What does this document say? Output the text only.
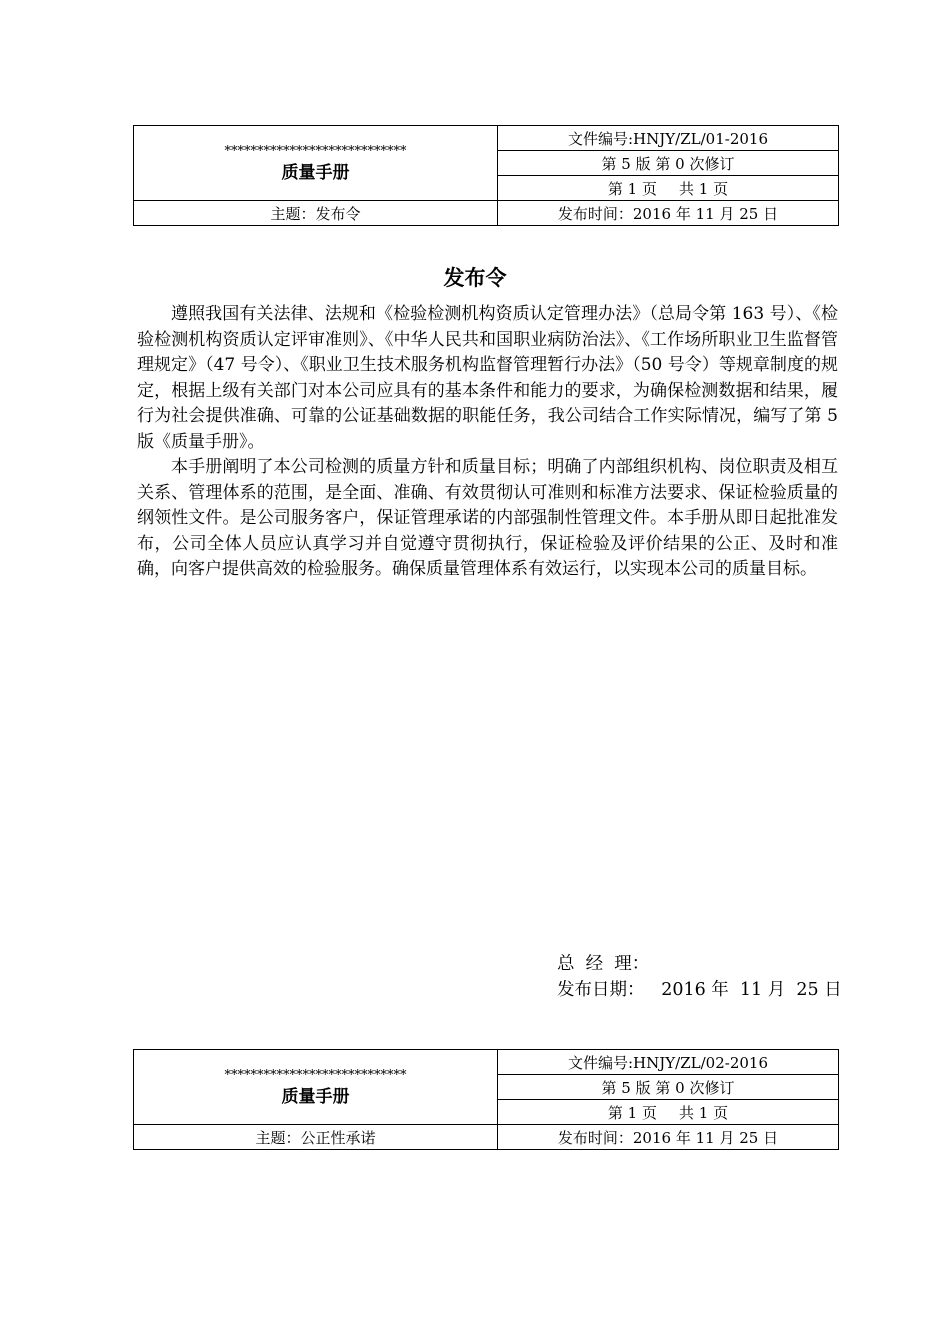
****************************
质量手册	文件编号:HNJY/ZL/01-2016
	第 5 版 第 0 次修订
	第 1 页 共 1 页
主题：发布令	发布时间：2016 年 11 月 25 日
发布令

遵照我国有关法律、法规和《检验检测机构资质认定管理办法》（总局令第 163 号）、《检验检测机构资质认定评审准则》、《中华人民共和国职业病防治法》、《工作场所职业卫生监督管理规定》（47 号令）、《职业卫生技术服务机构监督管理暂行办法》（50 号令）等规章制度的规定，根据上级有关部门对本公司应具有的基本条件和能力的要求，为确保检测数据和结果，履行为社会提供准确、可靠的公证基础数据的职能任务，我公司结合工作实际情况，编写了第 5 版《质量手册》。

本手册阐明了本公司检测的质量方针和质量目标；明确了内部组织机构、岗位职责及相互关系、管理体系的范围，是全面、准确、有效贯彻认可准则和标准方法要求、保证检验质量的纲领性文件。是公司服务客户，保证管理承诺的内部强制性管理文件。本手册从即日起批准发布，公司全体人员应认真学习并自觉遵守贯彻执行，保证检验及评价结果的公正、及时和准确，向客户提供高效的检验服务。确保质量管理体系有效运行，以实现本公司的质量目标。

总  经  理：
发布日期： 2016 年  11 月  25 日
****************************
质量手册	文件编号:HNJY/ZL/02-2016
	第 5 版 第 0 次修订
	第 1 页 共 1 页
主题：公正性承诺	发布时间：2016 年 11 月 25 日
